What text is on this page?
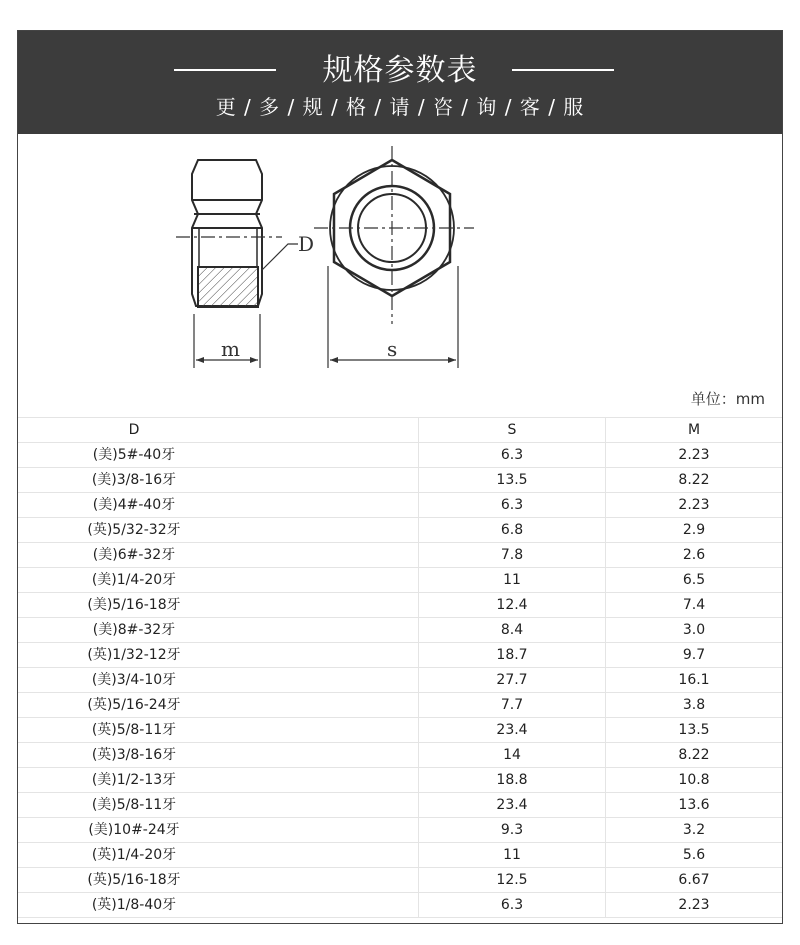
规格参数表
更 / 多 / 规 / 格 / 请 / 咨 / 询 / 客 / 服
D
m	s
单位：mm
D		S	M
(美)5#-40牙		6.3	2.23
(美)3/8-16牙		13.5	8.22
(美)4#-40牙		6.3	2.23
(英)5/32-32牙		6.8	2.9
(美)6#-32牙		7.8	2.6
(美)1/4-20牙		11	6.5
(美)5/16-18牙		12.4	7.4
(美)8#-32牙		8.4	3.0
(英)1/32-12牙		18.7	9.7
(美)3/4-10牙		27.7	16.1
(英)5/16-24牙		7.7	3.8
(英)5/8-11牙		23.4	13.5
(英)3/8-16牙		14	8.22
(美)1/2-13牙		18.8	10.8
(美)5/8-11牙		23.4	13.6
(美)10#-24牙		9.3	3.2
(英)1/4-20牙		11	5.6
(英)5/16-18牙		12.5	6.67
(英)1/8-40牙		6.3	2.23
